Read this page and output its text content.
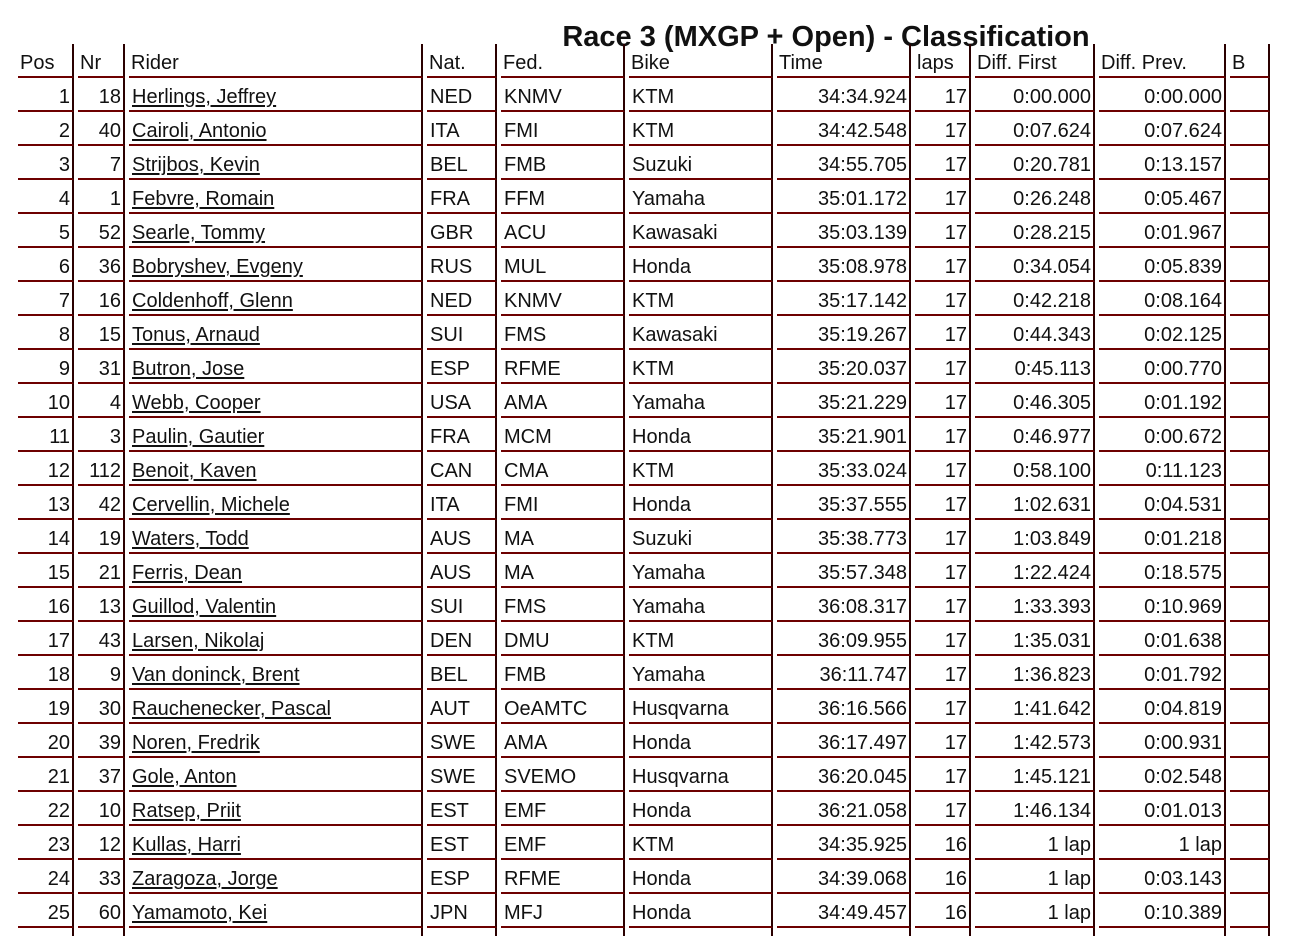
Race 3 (MXGP + Open) - Classification
Pos	Nr	Rider	Nat.	Fed.	Bike	Time	laps	Diff. First	Diff. Prev.	B
1	18	Herlings, Jeffrey	NED	KNMV	KTM	34:34.924	17	0:00.000	0:00.000	
2	40	Cairoli, Antonio	ITA	FMI	KTM	34:42.548	17	0:07.624	0:07.624	
3	7	Strijbos, Kevin	BEL	FMB	Suzuki	34:55.705	17	0:20.781	0:13.157	
4	1	Febvre, Romain	FRA	FFM	Yamaha	35:01.172	17	0:26.248	0:05.467	
5	52	Searle, Tommy	GBR	ACU	Kawasaki	35:03.139	17	0:28.215	0:01.967	
6	36	Bobryshev, Evgeny	RUS	MUL	Honda	35:08.978	17	0:34.054	0:05.839	
7	16	Coldenhoff, Glenn	NED	KNMV	KTM	35:17.142	17	0:42.218	0:08.164	
8	15	Tonus, Arnaud	SUI	FMS	Kawasaki	35:19.267	17	0:44.343	0:02.125	
9	31	Butron, Jose	ESP	RFME	KTM	35:20.037	17	0:45.113	0:00.770	
10	4	Webb, Cooper	USA	AMA	Yamaha	35:21.229	17	0:46.305	0:01.192	
11	3	Paulin, Gautier	FRA	MCM	Honda	35:21.901	17	0:46.977	0:00.672	
12	112	Benoit, Kaven	CAN	CMA	KTM	35:33.024	17	0:58.100	0:11.123	
13	42	Cervellin, Michele	ITA	FMI	Honda	35:37.555	17	1:02.631	0:04.531	
14	19	Waters, Todd	AUS	MA	Suzuki	35:38.773	17	1:03.849	0:01.218	
15	21	Ferris, Dean	AUS	MA	Yamaha	35:57.348	17	1:22.424	0:18.575	
16	13	Guillod, Valentin	SUI	FMS	Yamaha	36:08.317	17	1:33.393	0:10.969	
17	43	Larsen, Nikolaj	DEN	DMU	KTM	36:09.955	17	1:35.031	0:01.638	
18	9	Van doninck, Brent	BEL	FMB	Yamaha	36:11.747	17	1:36.823	0:01.792	
19	30	Rauchenecker, Pascal	AUT	OeAMTC	Husqvarna	36:16.566	17	1:41.642	0:04.819	
20	39	Noren, Fredrik	SWE	AMA	Honda	36:17.497	17	1:42.573	0:00.931	
21	37	Gole, Anton	SWE	SVEMO	Husqvarna	36:20.045	17	1:45.121	0:02.548	
22	10	Ratsep, Priit	EST	EMF	Honda	36:21.058	17	1:46.134	0:01.013	
23	12	Kullas, Harri	EST	EMF	KTM	34:35.925	16	1 lap	1 lap	
24	33	Zaragoza, Jorge	ESP	RFME	Honda	34:39.068	16	1 lap	0:03.143	
25	60	Yamamoto, Kei	JPN	MFJ	Honda	34:49.457	16	1 lap	0:10.389	
